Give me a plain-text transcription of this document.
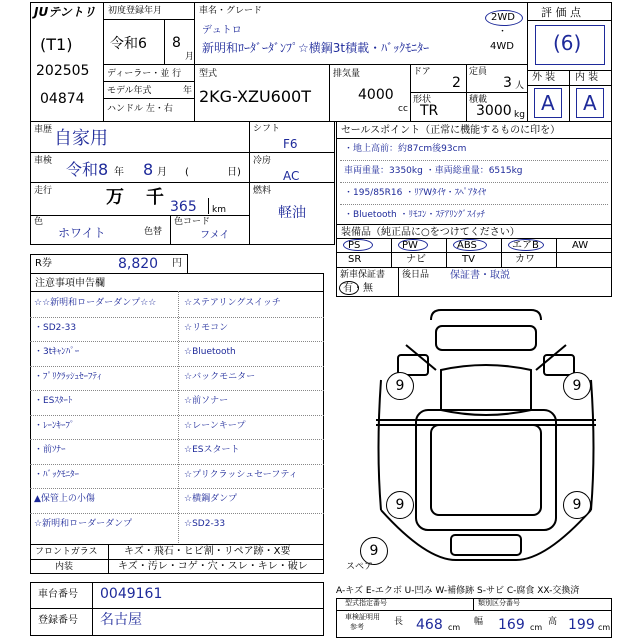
JUテントリ
(T1)
202505
04874
初度登録年月
令和6 8
月
車名・グレード
デュトロ
新明和ﾛｰﾀﾞｰﾀﾞﾝﾌﾟ☆横鋼3t積載・ﾊﾞｯｸﾓﾆﾀｰ
2WD
・
4WD
評 価 点
(6)
ディーラー・並 行
モデル年式	年
ハンドル 左・右
型式
2KG-XZU600T
排気量
4000
cc
ドア
2
定員
3 人
形状
TR
積載
3000 kg
外 装 内 装
A A
車歴 自家用
車検 令和8 年 8 月 (	日)
走行	万 千 365 km
色
ホワイト	色替
色コード
フメイ
シフト
F6
冷房
AC
燃料
軽油
R券	8,820 円
セールスポイント（正常に機能するものに印を）
・地上高前：約87cm後93cm
車両重量：3350kg ・車両総重量：6515kg
・195/85R16 ・ﾘｱWﾀｲﾔ・ｽﾍﾟｱﾀｲﾔ
・Bluetooth ・ﾘﾓｺﾝ・ｽﾃｱﾘﾝｸﾞｽｲｯﾁ
装備品（純正品に○をつけてください）
PS	PW	ABS	エアB	AW
SR	ナビ	TV	カワ
新車保証書
有・無
後日品 保証書・取説
注意事項申告欄
☆☆新明和ローダーダンプ☆☆	☆ステアリングスイッチ
・SD2-33	☆リモコン
・3tｷｬﾝﾊﾟｰ	☆Bluetooth
・ﾌﾟﾘｸﾗｯｼｭｾｰﾌﾃｨ	☆バックモニター
・ESｽﾀｰﾄ	☆前ソナー
・ﾚｰﾝｷｰﾌﾟ	☆レーンキープ
・前ｿﾅｰ	☆ESスタート
・ﾊﾞｯｸﾓﾆﾀｰ	☆プリクラッシュセーフティ
▲保管上の小傷	☆横鋼ダンプ
☆新明和ローダーダンプ	☆SD2-33
フロントガラス	キズ・飛石・ヒビ割・リペア跡・X要
内装	キズ・汚レ・コゲ・穴・スレ・キレ・破レ
車台番号 0049161
登録番号 名古屋
9	9
9	9
9
スペア
A-キズ E-エクボ U-凹み W-補修跡 S-サビ C-腐食 XX-交換済
型式指定番号	類別区分番号
車検証明用
参考	長 468 cm
幅 169 cm
高 199 cm
